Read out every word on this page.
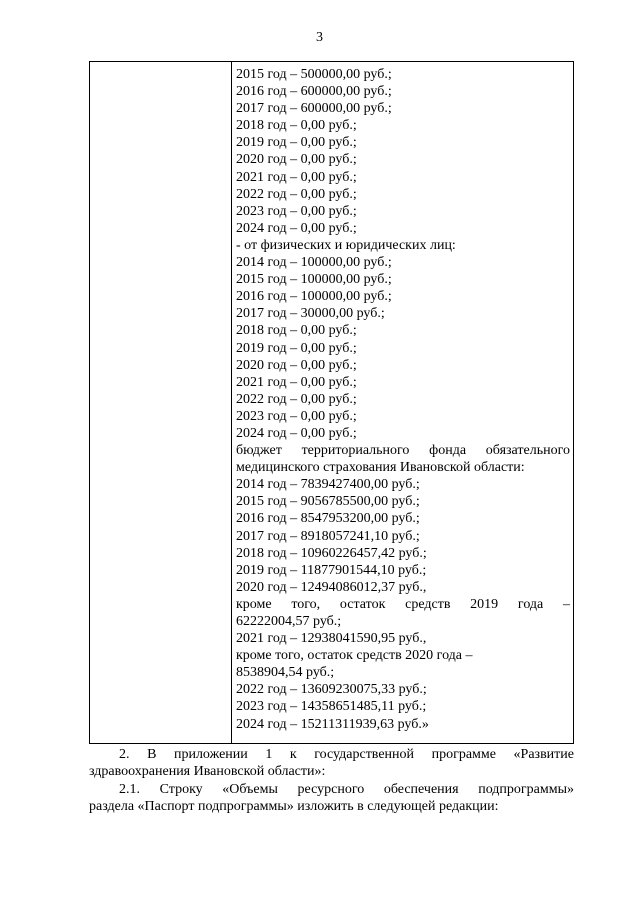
3
2015 год – 500000,00 руб.;
2016 год – 600000,00 руб.;
2017 год – 600000,00 руб.;
2018 год – 0,00 руб.;
2019 год – 0,00 руб.;
2020 год – 0,00 руб.;
2021 год – 0,00 руб.;
2022 год – 0,00 руб.;
2023 год – 0,00 руб.;
2024 год – 0,00 руб.;
- от физических и юридических лиц:
2014 год – 100000,00 руб.;
2015 год – 100000,00 руб.;
2016 год – 100000,00 руб.;
2017 год – 30000,00 руб.;
2018 год – 0,00 руб.;
2019 год – 0,00 руб.;
2020 год – 0,00 руб.;
2021 год – 0,00 руб.;
2022 год – 0,00 руб.;
2023 год – 0,00 руб.;
2024 год – 0,00 руб.;
бюджет территориального фонда обязательного
медицинского страхования Ивановской области:
2014 год – 7839427400,00 руб.;
2015 год – 9056785500,00 руб.;
2016 год – 8547953200,00 руб.;
2017 год – 8918057241,10 руб.;
2018 год – 10960226457,42 руб.;
2019 год – 11877901544,10 руб.;
2020 год – 12494086012,37 руб.,
кроме того, остаток средств 2019 года –
62222004,57 руб.;
2021 год – 12938041590,95 руб.,
кроме того, остаток средств 2020 года –
8538904,54 руб.;
2022 год – 13609230075,33 руб.;
2023 год – 14358651485,11 руб.;
2024 год – 15211311939,63 руб.»
2. В приложении 1 к государственной программе «Развитие
здравоохранения Ивановской области»:
2.1. Строку «Объемы ресурсного обеспечения подпрограммы»
раздела «Паспорт подпрограммы» изложить в следующей редакции:
